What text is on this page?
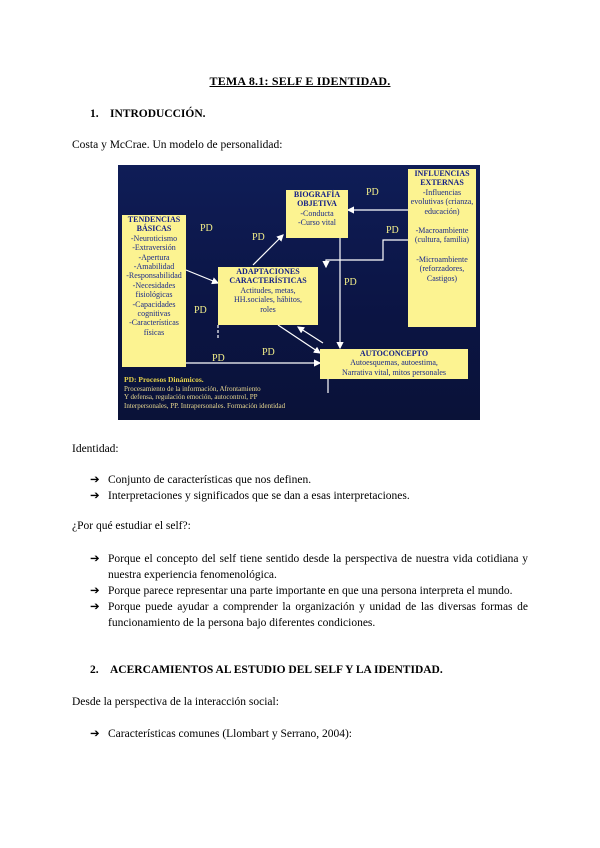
TEMA 8.1: SELF E IDENTIDAD.
1. INTRODUCCIÓN.
Costa y McCrae. Un modelo de personalidad:
TENDENCIAS BÁSICAS
-Neuroticismo
-Extraversión
-Apertura
-Amabilidad
-Responsabilidad
-Necesidades fisiológicas
-Capacidades cognitivas
-Características físicas
BIOGRAFÍA OBJETIVA
-Conducta
-Curso vital
ADAPTACIONES CARACTERÍSTICAS
Actitudes, metas,
HH.sociales, hábitos,
roles
INFLUENCIAS EXTERNAS
-Influencias evolutivas (crianza, educación)
-Macroambiente (cultura, familia)
-Microambiente (reforzadores, Castigos)
AUTOCONCEPTO
Autoesquemas, autoestima,
Narrativa vital, mitos personales
PD
PD
PD
PD
PD
PD
PD
PD
PD: Procesos Dinámicos.
Procesamiento de la información, Afrontamiento
Y defensa, regulación emoción, autocontrol, PP
Interpersonales, PP. Intrapersonales. Formación identidad
Identidad:
➔ Conjunto de características que nos definen.
➔ Interpretaciones y significados que se dan a esas interpretaciones.
¿Por qué estudiar el self?:
➔ Porque el concepto del self tiene sentido desde la perspectiva de nuestra vida cotidiana y nuestra experiencia fenomenológica.
➔ Porque parece representar una parte importante en que una persona interpreta el mundo.
➔ Porque puede ayudar a comprender la organización y unidad de las diversas formas de funcionamiento de la persona bajo diferentes condiciones.
2. ACERCAMIENTOS AL ESTUDIO DEL SELF Y LA IDENTIDAD.
Desde la perspectiva de la interacción social:
➔ Características comunes (Llombart y Serrano, 2004):
